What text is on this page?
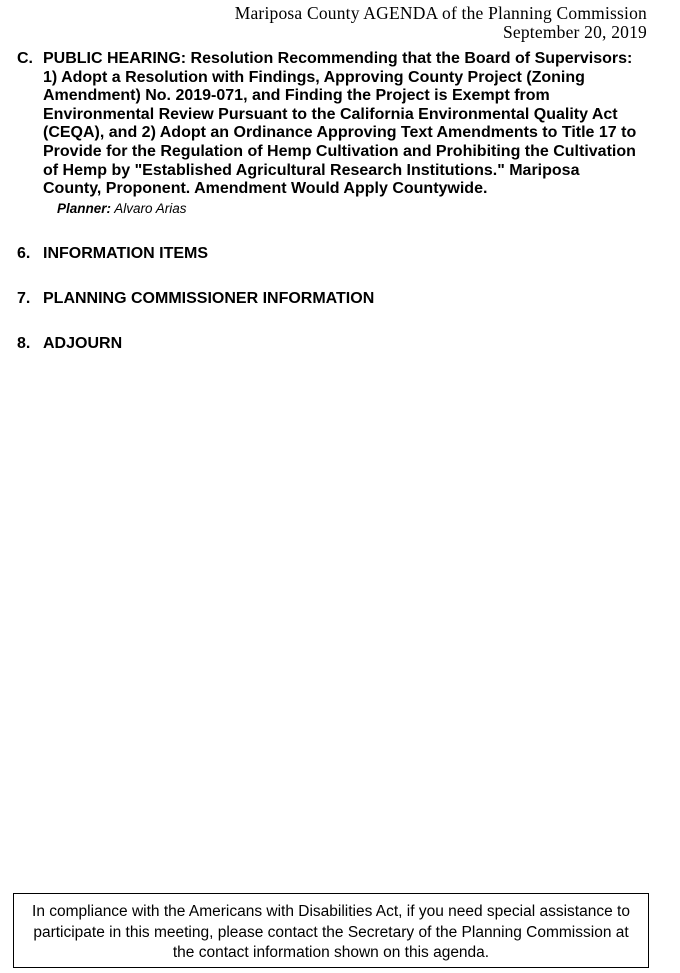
Mariposa County AGENDA of the Planning Commission
September 20, 2019
C. PUBLIC HEARING: Resolution Recommending that the Board of Supervisors:
1) Adopt a Resolution with Findings, Approving County Project (Zoning
Amendment) No. 2019-071, and Finding the Project is Exempt from
Environmental Review Pursuant to the California Environmental Quality Act
(CEQA), and 2) Adopt an Ordinance Approving Text Amendments to Title 17 to
Provide for the Regulation of Hemp Cultivation and Prohibiting the Cultivation
of Hemp by "Established Agricultural Research Institutions." Mariposa
County, Proponent. Amendment Would Apply Countywide.
Planner: Alvaro Arias
6. INFORMATION ITEMS
7. PLANNING COMMISSIONER INFORMATION
8. ADJOURN
In compliance with the Americans with Disabilities Act, if you need special assistance to
participate in this meeting, please contact the Secretary of the Planning Commission at
the contact information shown on this agenda.
